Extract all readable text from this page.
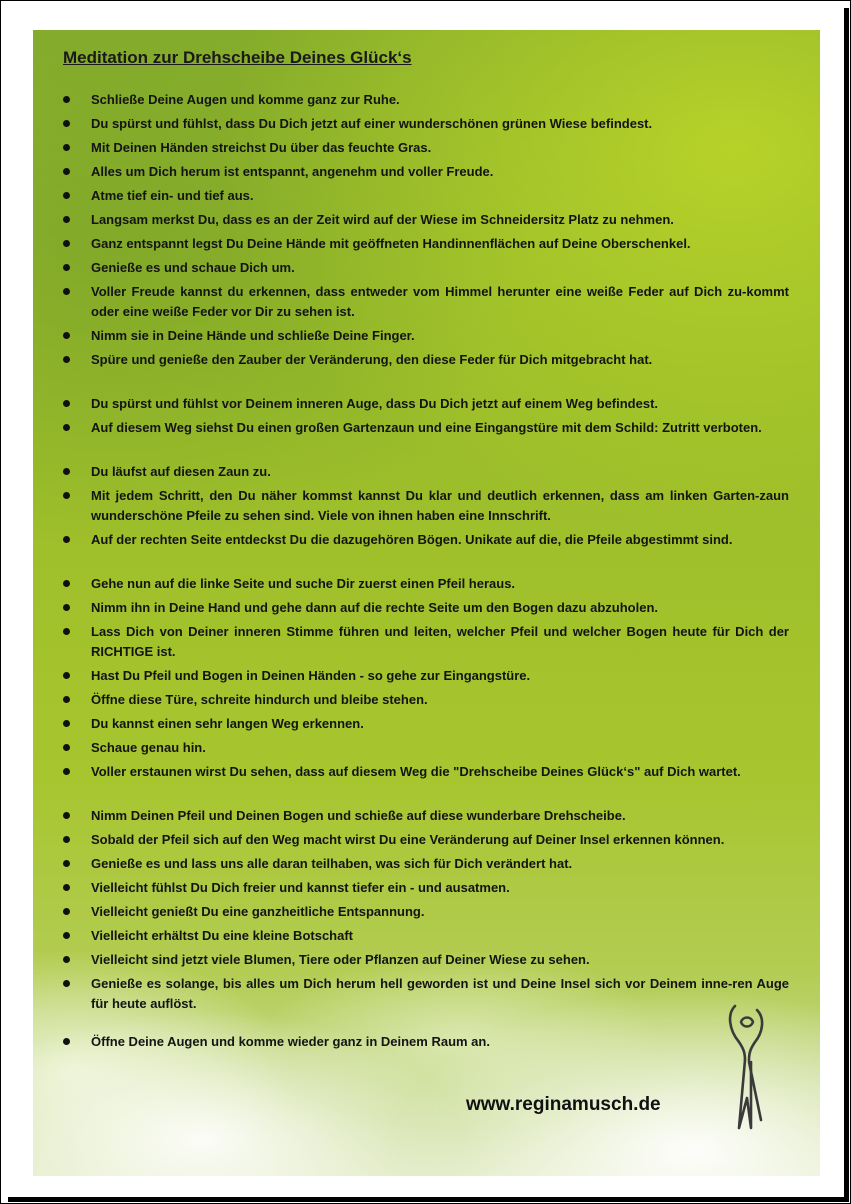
Meditation zur Drehscheibe Deines Glück‘s
Schließe Deine Augen und komme ganz zur Ruhe.
Du spürst und fühlst, dass Du Dich jetzt auf einer wunderschönen grünen Wiese befindest.
Mit Deinen Händen streichst Du über das feuchte Gras.
Alles um Dich herum ist entspannt, angenehm und voller Freude.
Atme tief ein- und tief aus.
Langsam merkst Du, dass es an der Zeit wird auf der Wiese im Schneidersitz Platz zu nehmen.
Ganz entspannt legst Du Deine Hände mit geöffneten Handinnenflächen auf Deine Oberschenkel.
Genieße es und schaue Dich um.
Voller Freude kannst du erkennen, dass entweder vom Himmel herunter eine weiße Feder auf Dich zu-kommt oder eine weiße Feder vor Dir zu sehen ist.
Nimm sie in Deine Hände und schließe Deine Finger.
Spüre und genieße den Zauber der Veränderung, den diese Feder für Dich mitgebracht hat.
Du spürst und fühlst vor Deinem inneren Auge, dass Du Dich jetzt auf einem Weg befindest.
Auf diesem Weg siehst Du einen großen Gartenzaun und eine Eingangstüre mit dem Schild: Zutritt verboten.
Du läufst auf diesen Zaun zu.
Mit jedem Schritt, den Du näher kommst kannst Du klar und deutlich erkennen, dass am linken Garten-zaun wunderschöne Pfeile zu sehen sind. Viele von ihnen haben eine Innschrift.
Auf der rechten Seite entdeckst Du die dazugehören Bögen. Unikate auf die, die Pfeile abgestimmt sind.
Gehe nun auf die linke Seite und suche Dir zuerst einen Pfeil heraus.
Nimm ihn in Deine Hand und gehe dann auf die rechte Seite um den Bogen dazu abzuholen.
Lass Dich von Deiner inneren Stimme führen und leiten, welcher Pfeil und welcher Bogen heute für Dich der RICHTIGE ist.
Hast Du Pfeil und Bogen in Deinen Händen - so gehe zur Eingangstüre.
Öffne diese Türe, schreite hindurch und bleibe stehen.
Du kannst einen sehr langen Weg erkennen.
Schaue genau hin.
Voller erstaunen wirst Du sehen, dass auf diesem Weg die "Drehscheibe Deines Glück‘s" auf Dich wartet.
Nimm Deinen Pfeil und Deinen Bogen und schieße auf diese wunderbare Drehscheibe.
Sobald der Pfeil sich auf den Weg macht wirst Du eine Veränderung auf Deiner Insel erkennen können.
Genieße es und lass uns alle daran teilhaben, was sich für Dich verändert hat.
Vielleicht fühlst Du Dich freier und kannst tiefer ein - und ausatmen.
Vielleicht genießt Du eine ganzheitliche Entspannung.
Vielleicht erhältst Du eine kleine Botschaft
Vielleicht sind jetzt viele Blumen, Tiere oder Pflanzen auf Deiner Wiese zu sehen.
Genieße es solange, bis alles um Dich herum hell geworden ist und Deine Insel sich vor Deinem inne-ren Auge für heute auflöst.
Öffne Deine Augen und komme wieder ganz in Deinem Raum an.
www.reginamusch.de
